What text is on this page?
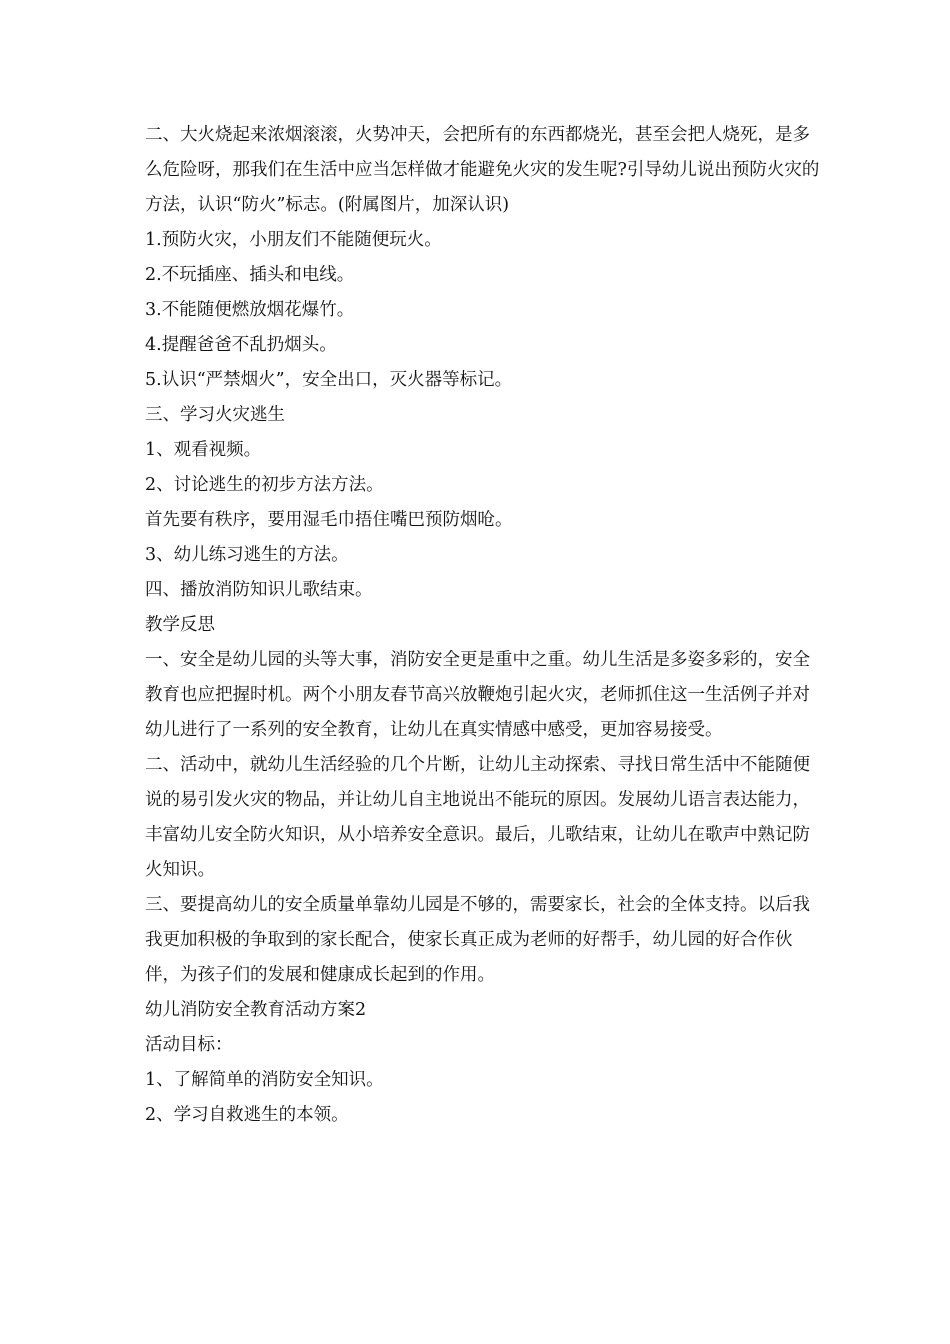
二、大火烧起来浓烟滚滚，火势冲天，会把所有的东西都烧光，甚至会把人烧死，是多么危险呀，那我们在生活中应当怎样做才能避免火灾的发生呢?引导幼儿说出预防火灾的方法，认识“防火”标志。(附属图片，加深认识)

1.预防火灾，小朋友们不能随便玩火。

2.不玩插座、插头和电线。

3.不能随便燃放烟花爆竹。

4.提醒爸爸不乱扔烟头。

5.认识“严禁烟火”，安全出口，灭火器等标记。

三、学习火灾逃生

1、观看视频。

2、讨论逃生的初步方法方法。

首先要有秩序，要用湿毛巾捂住嘴巴预防烟呛。

3、幼儿练习逃生的方法。

四、播放消防知识儿歌结束。

教学反思

一、安全是幼儿园的头等大事，消防安全更是重中之重。幼儿生活是多姿多彩的，安全教育也应把握时机。两个小朋友春节高兴放鞭炮引起火灾，老师抓住这一生活例子并对幼儿进行了一系列的安全教育，让幼儿在真实情感中感受，更加容易接受。

二、活动中，就幼儿生活经验的几个片断，让幼儿主动探索、寻找日常生活中不能随便说的易引发火灾的物品，并让幼儿自主地说出不能玩的原因。发展幼儿语言表达能力，丰富幼儿安全防火知识，从小培养安全意识。最后，儿歌结束，让幼儿在歌声中熟记防火知识。

三、要提高幼儿的安全质量单靠幼儿园是不够的，需要家长，社会的全体支持。以后我我更加积极的争取到的家长配合，使家长真正成为老师的好帮手，幼儿园的好合作伙伴，为孩子们的发展和健康成长起到的作用。

幼儿消防安全教育活动方案2

活动目标：

1、了解简单的消防安全知识。

2、学习自救逃生的本领。
